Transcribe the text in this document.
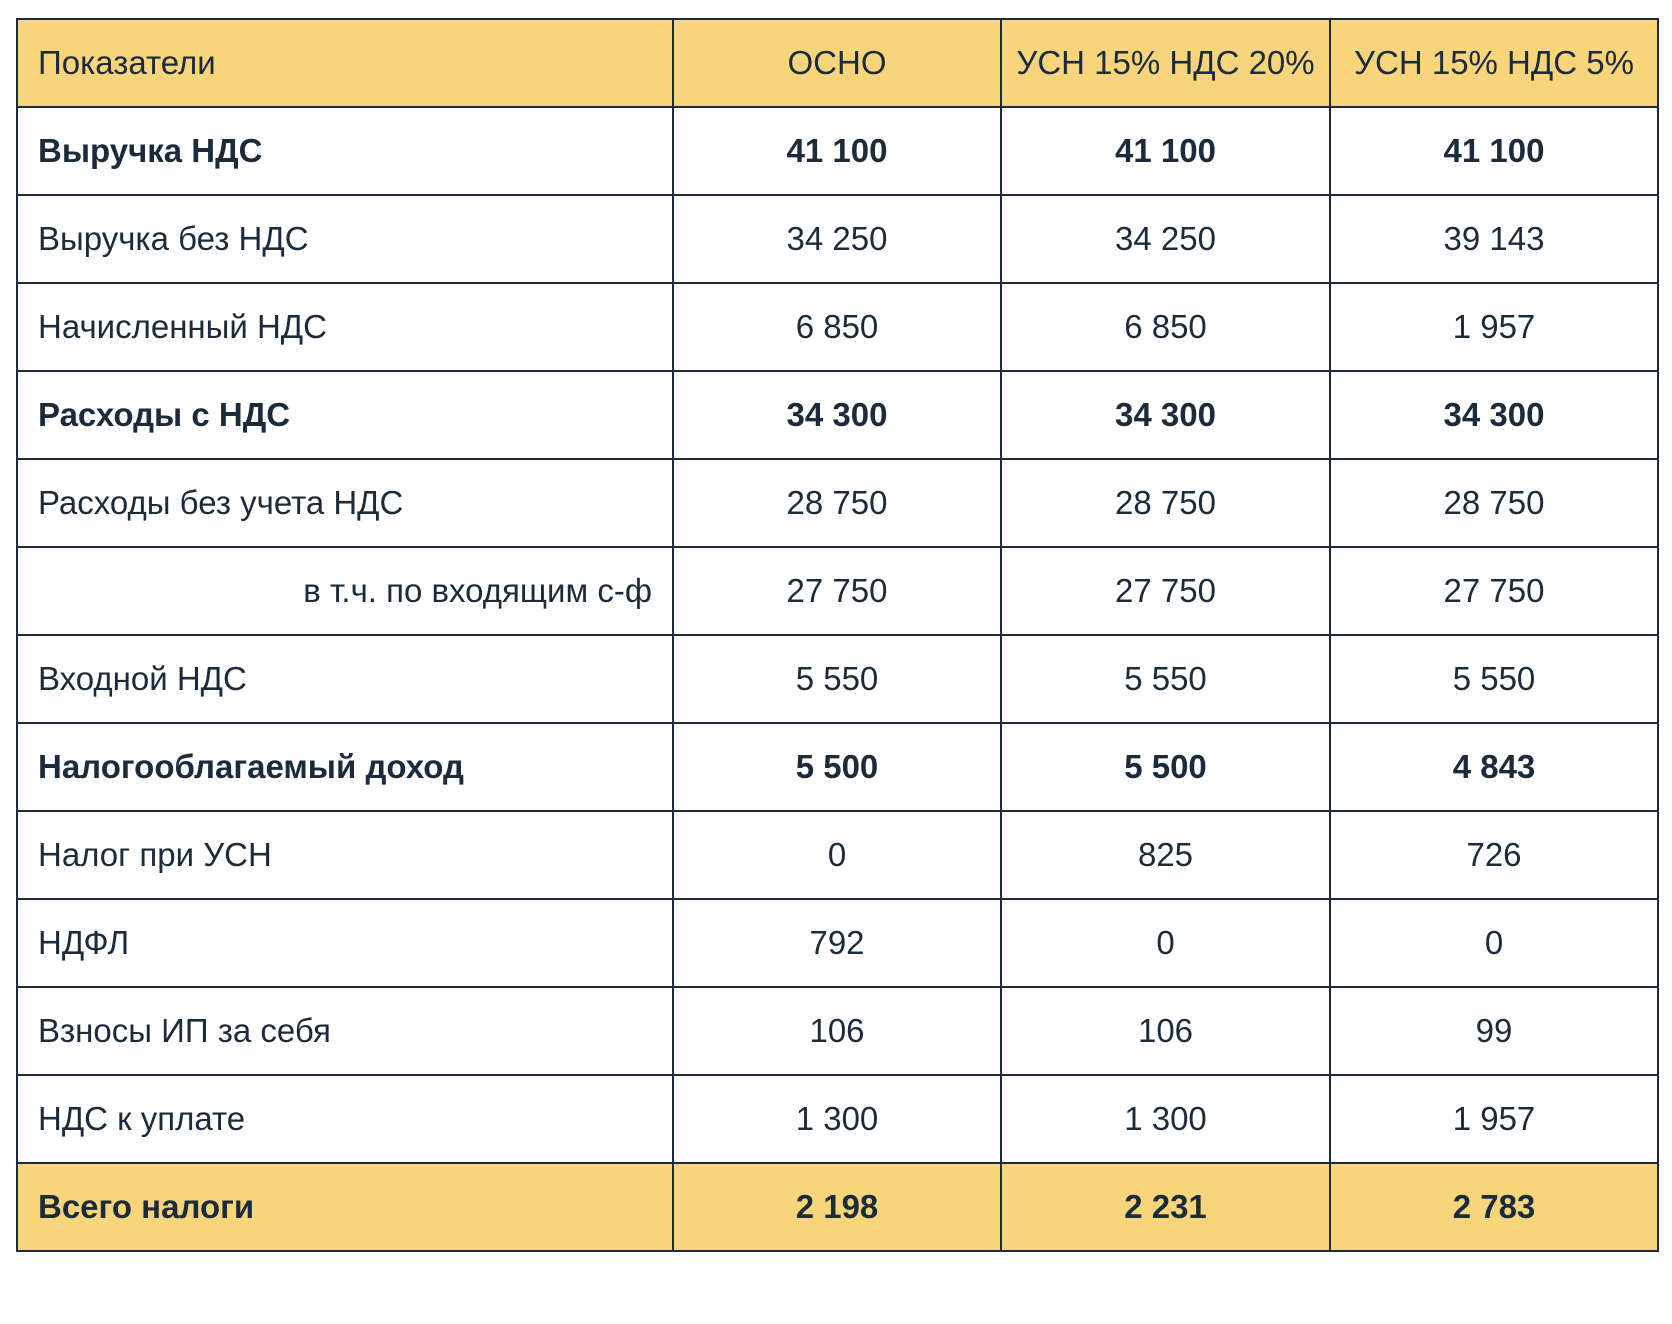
Показатели	ОСНО	УСН 15% НДС 20%	УСН 15% НДС 5%
Выручка НДС	41 100	41 100	41 100
Выручка без НДС	34 250	34 250	39 143
Начисленный НДС	6 850	6 850	1 957
Расходы с НДС	34 300	34 300	34 300
Расходы без учета НДС	28 750	28 750	28 750
в т.ч. по входящим с-ф	27 750	27 750	27 750
Входной НДС	5 550	5 550	5 550
Налогооблагаемый доход	5 500	5 500	4 843
Налог при УСН	0	825	726
НДФЛ	792	0	0
Взносы ИП за себя	106	106	99
НДС к уплате	1 300	1 300	1 957
Всего налоги	2 198	2 231	2 783
